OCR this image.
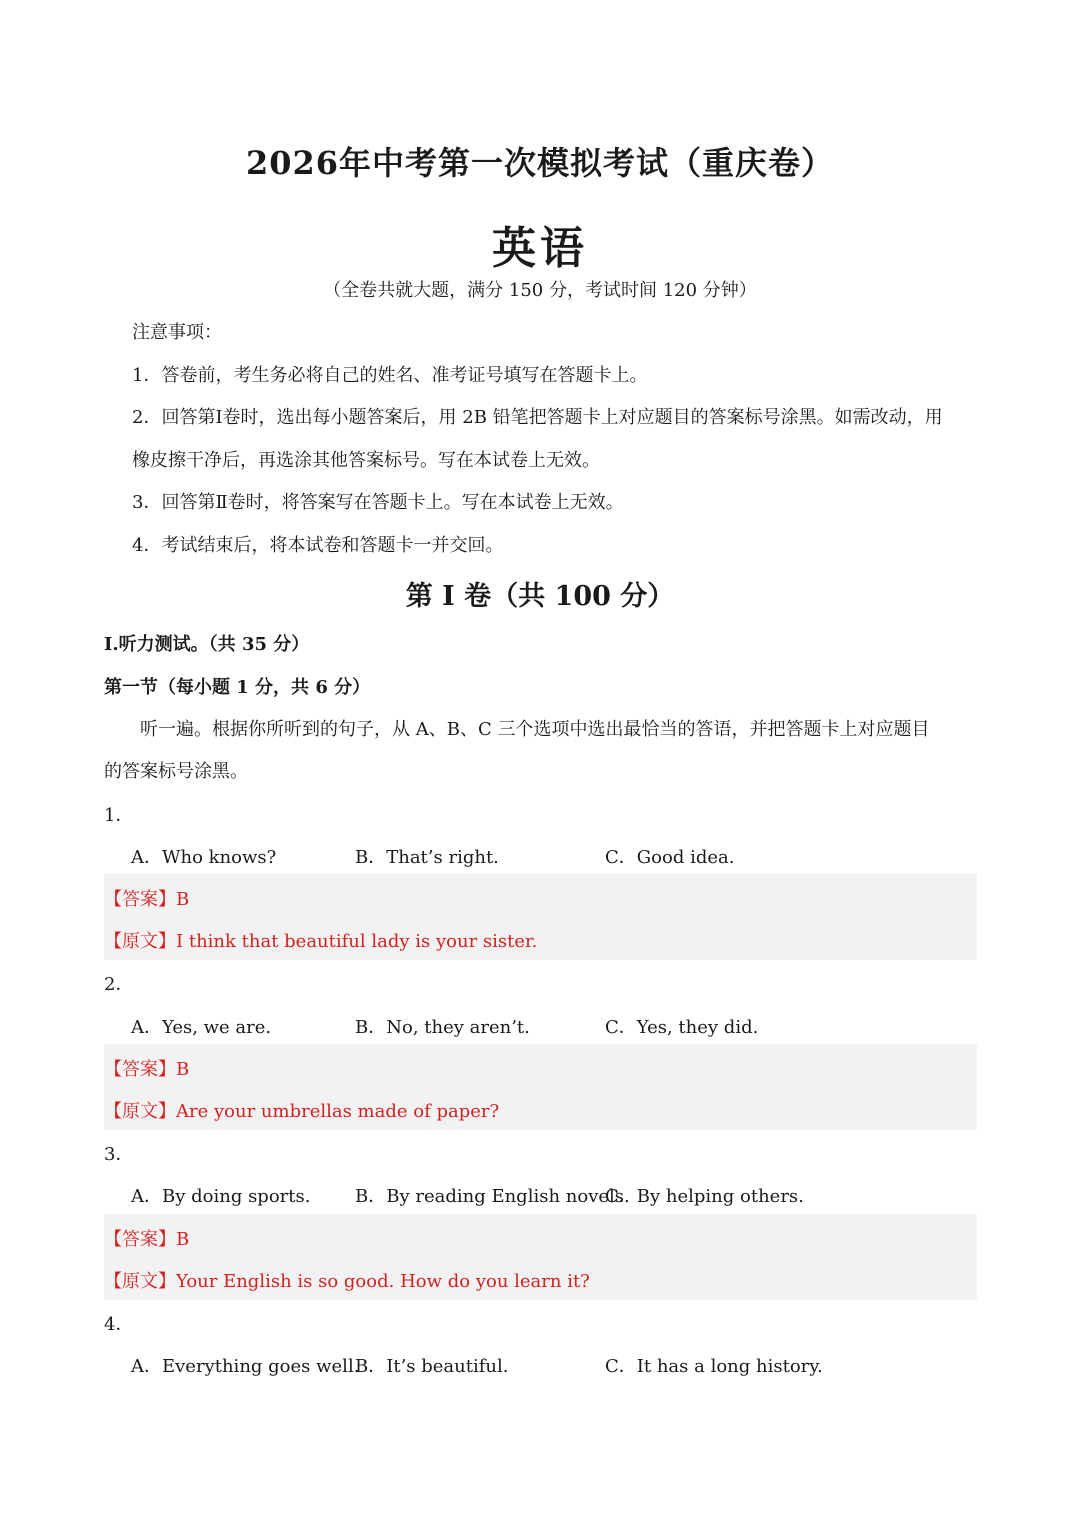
2026年中考第一次模拟考试（重庆卷）
英语
（全卷共就大题，满分 150 分，考试时间 120 分钟）
注意事项：
1．答卷前，考生务必将自己的姓名、准考证号填写在答题卡上。
2．回答第Ⅰ卷时，选出每小题答案后，用 2B 铅笔把答题卡上对应题目的答案标号涂黑。如需改动，用
橡皮擦干净后，再选涂其他答案标号。写在本试卷上无效。
3．回答第Ⅱ卷时，将答案写在答题卡上。写在本试卷上无效。
4．考试结束后，将本试卷和答题卡一并交回。
第 I 卷（共 100 分）
Ⅰ.听力测试。（共 35 分）
第一节（每小题 1 分，共 6 分）
听一遍。根据你所听到的句子，从 A、B、C 三个选项中选出最恰当的答语，并把答题卡上对应题目
的答案标号涂黑。
1．
A．Who knows?	B．That’s right.	C．Good idea.
【答案】B
【原文】I think that beautiful lady is your sister.
2．
A．Yes, we are.	B．No, they aren’t.	C．Yes, they did.
【答案】B
【原文】Are your umbrellas made of paper?
3．
A．By doing sports. B．By reading English novels.
C．By helping others.
【答案】B
【原文】Your English is so good. How do you learn it?
4．
A．Everything goes well.
B．It’s beautiful.	C．It has a long history.
